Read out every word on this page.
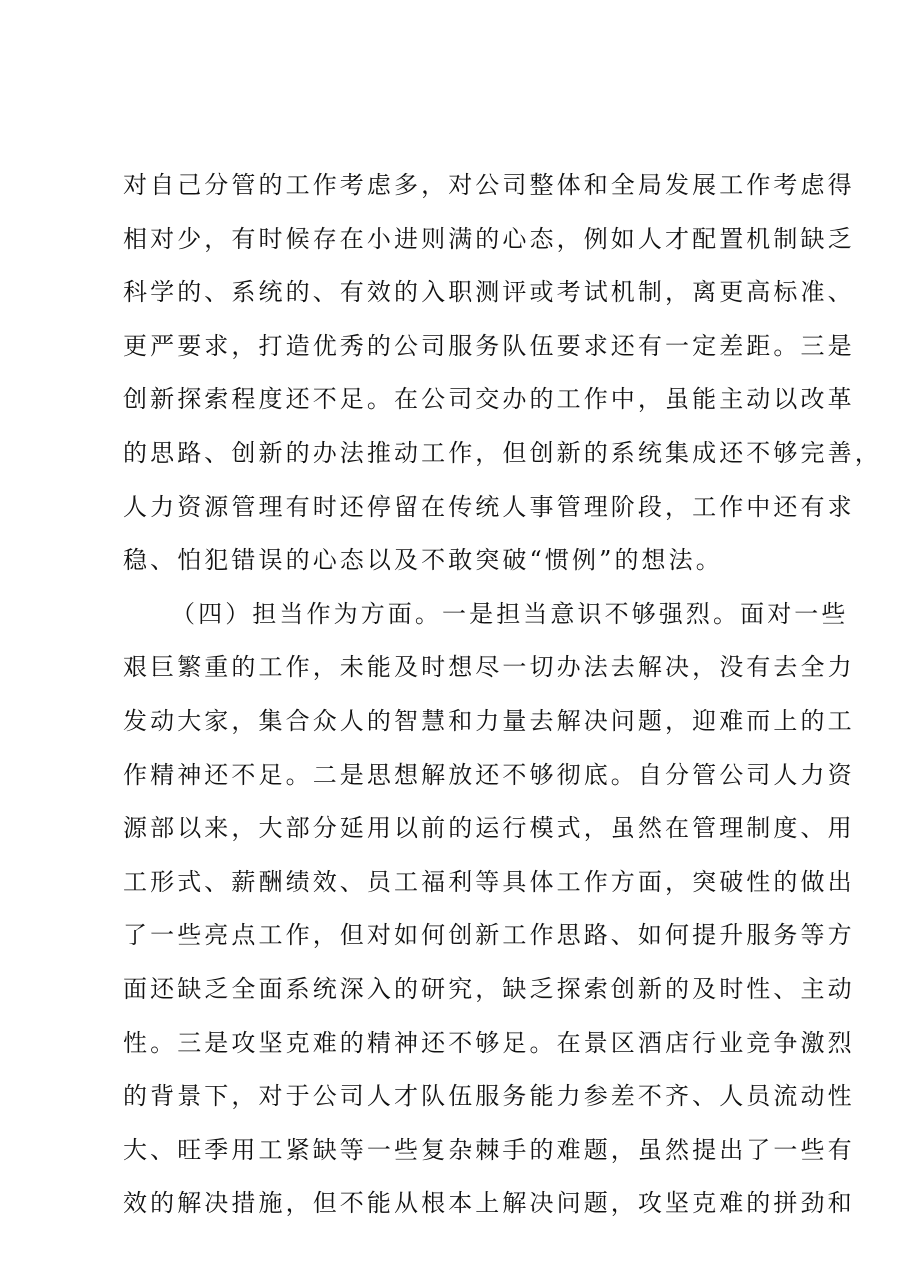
对自己分管的工作考虑多，对公司整体和全局发展工作考虑得
相对少，有时候存在小进则满的心态，例如人才配置机制缺乏
科学的、系统的、有效的入职测评或考试机制，离更高标准、
更严要求，打造优秀的公司服务队伍要求还有一定差距。三是
创新探索程度还不足。在公司交办的工作中，虽能主动以改革
的思路、创新的办法推动工作，但创新的系统集成还不够完善，
人力资源管理有时还停留在传统人事管理阶段，工作中还有求
稳、怕犯错误的心态以及不敢突破“惯例”的想法。
（四）担当作为方面。一是担当意识不够强烈。面对一些
艰巨繁重的工作，未能及时想尽一切办法去解决，没有去全力
发动大家，集合众人的智慧和力量去解决问题，迎难而上的工
作精神还不足。二是思想解放还不够彻底。自分管公司人力资
源部以来，大部分延用以前的运行模式，虽然在管理制度、用
工形式、薪酬绩效、员工福利等具体工作方面，突破性的做出
了一些亮点工作，但对如何创新工作思路、如何提升服务等方
面还缺乏全面系统深入的研究，缺乏探索创新的及时性、主动
性。三是攻坚克难的精神还不够足。在景区酒店行业竞争激烈
的背景下，对于公司人才队伍服务能力参差不齐、人员流动性
大、旺季用工紧缺等一些复杂棘手的难题，虽然提出了一些有
效的解决措施，但不能从根本上解决问题，攻坚克难的拼劲和
